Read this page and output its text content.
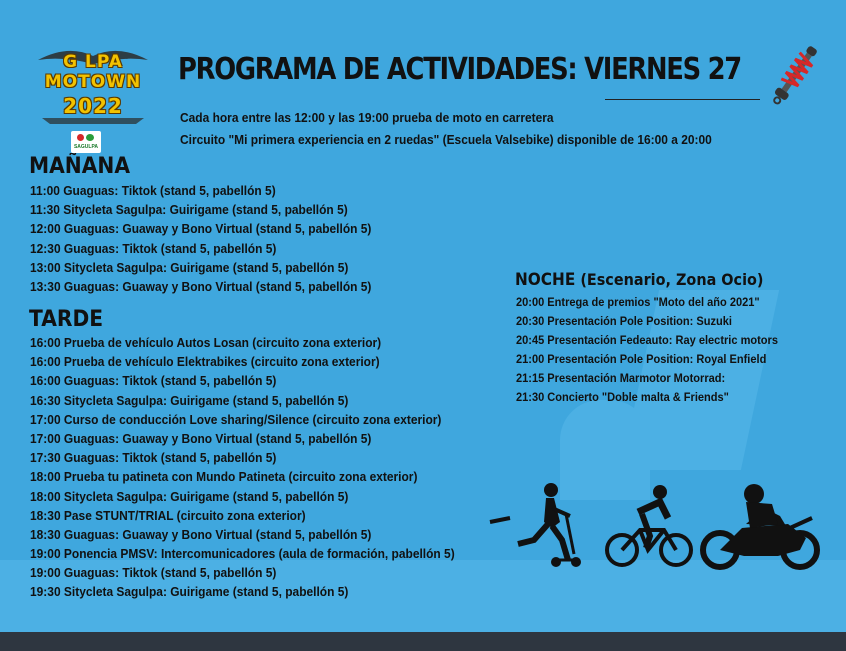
G LPA
MOTOWN
2022
SAGULPA
PROGRAMA DE ACTIVIDADES: VIERNES 27
Cada hora entre las 12:00 y las 19:00 prueba de moto en carretera
Circuito "Mi primera experiencia en 2 ruedas" (Escuela Valsebike) disponible de 16:00 a 20:00
MAÑANA
11:00 Guaguas: Tiktok (stand 5, pabellón 5)
11:30 Sitycleta Sagulpa: Guirigame (stand 5, pabellón 5)
12:00 Guaguas: Guaway y Bono Virtual (stand 5, pabellón 5)
12:30 Guaguas: Tiktok (stand 5, pabellón 5)
13:00 Sitycleta Sagulpa: Guirigame (stand 5, pabellón 5)
13:30 Guaguas: Guaway y Bono Virtual (stand 5, pabellón 5)
TARDE
16:00 Prueba de vehículo Autos Losan (circuito zona exterior)
16:00 Prueba de vehículo Elektrabikes (circuito zona exterior)
16:00 Guaguas: Tiktok (stand 5, pabellón 5)
16:30 Sitycleta Sagulpa: Guirigame (stand 5, pabellón 5)
17:00 Curso de conducción Love sharing/Silence (circuito zona exterior)
17:00 Guaguas: Guaway y Bono Virtual (stand 5, pabellón 5)
17:30 Guaguas: Tiktok (stand 5, pabellón 5)
18:00 Prueba tu patineta con Mundo Patineta (circuito zona exterior)
18:00 Sitycleta Sagulpa: Guirigame (stand 5, pabellón 5)
18:30 Pase STUNT/TRIAL (circuito zona exterior)
18:30 Guaguas: Guaway y Bono Virtual (stand 5, pabellón 5)
19:00 Ponencia PMSV: Intercomunicadores (aula de formación, pabellón 5)
19:00 Guaguas: Tiktok (stand 5, pabellón 5)
19:30 Sitycleta Sagulpa: Guirigame (stand 5, pabellón 5)
NOCHE (Escenario, Zona Ocio)
20:00 Entrega de premios "Moto del año 2021"
20:30 Presentación Pole Position: Suzuki
20:45 Presentación Fedeauto: Ray electric motors
21:00 Presentación Pole Position: Royal Enfield
21:15 Presentación Marmotor Motorrad:
21:30 Concierto "Doble malta & Friends"
